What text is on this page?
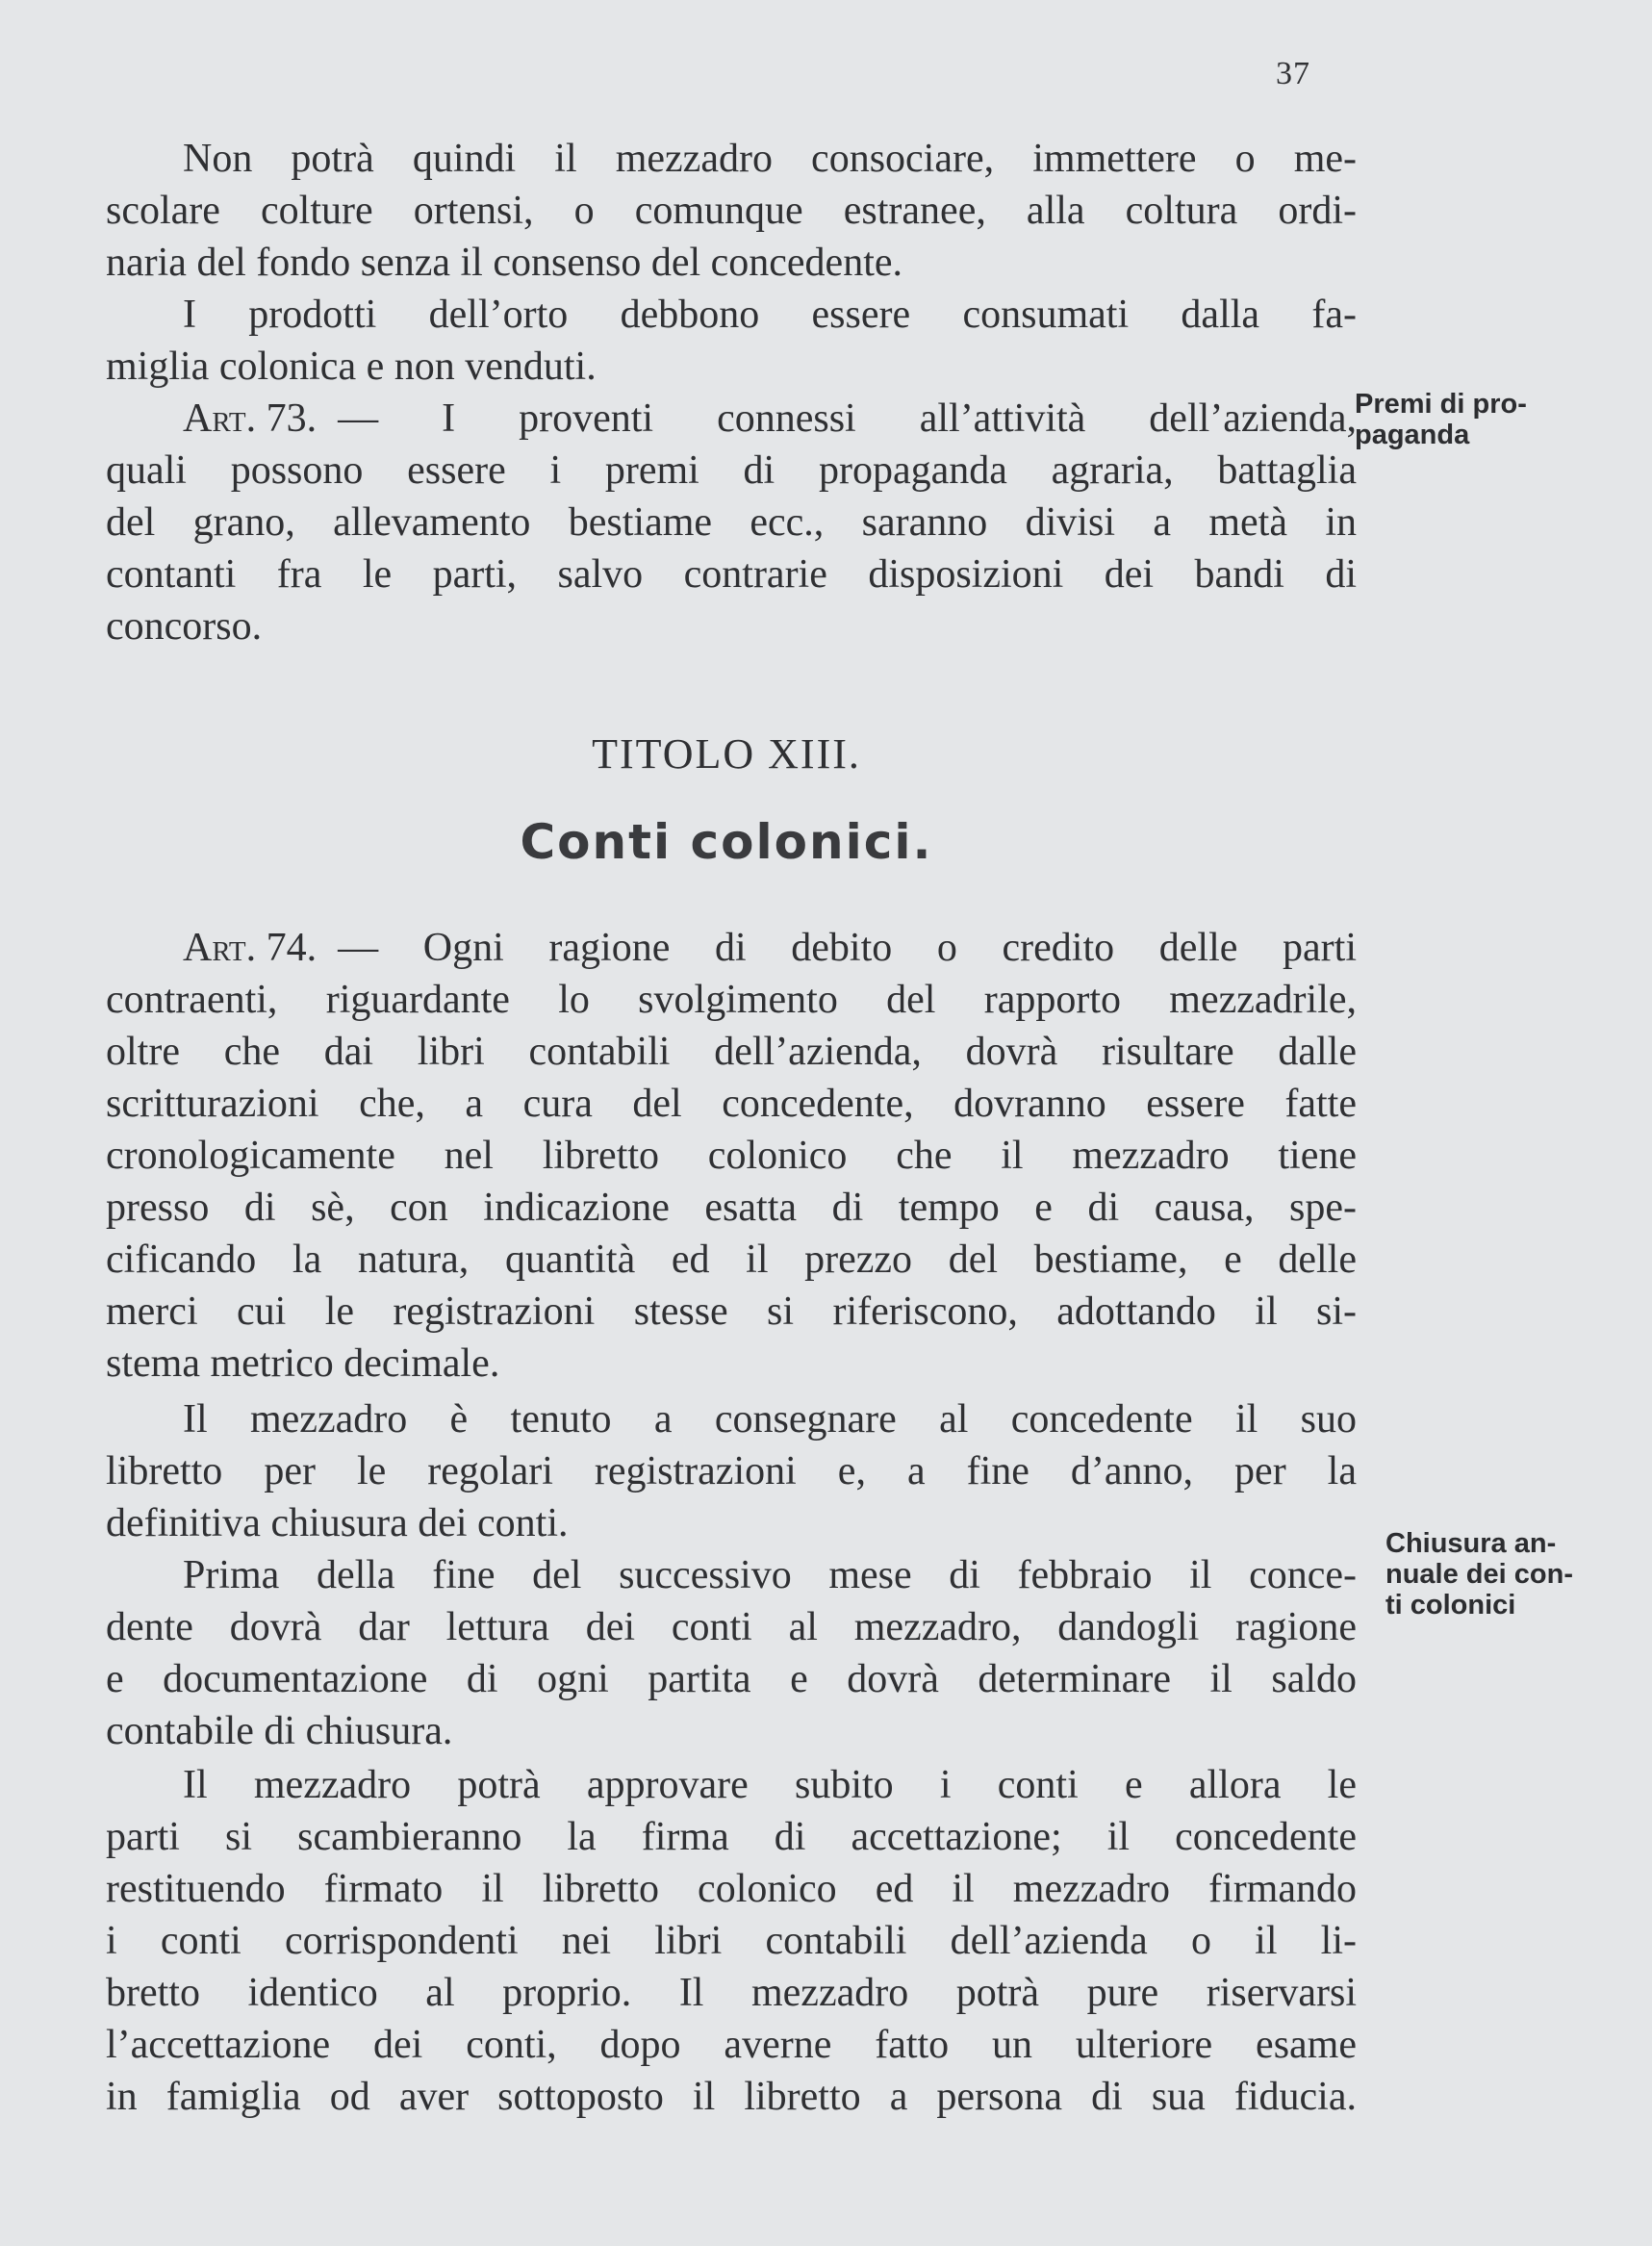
37
Non potrà quindi il mezzadro consociare, immettere o me-
scolare colture ortensi, o comunque estranee, alla coltura ordi-
naria del fondo senza il consenso del concedente.
I prodotti dell’orto debbono essere consumati dalla fa-
miglia colonica e non venduti.
Art. 73. — I proventi connessi all’attività dell’azienda,
quali possono essere i premi di propaganda agraria, battaglia
del grano, allevamento bestiame ecc., saranno divisi a metà in
contanti fra le parti, salvo contrarie disposizioni dei bandi di
concorso.
TITOLO XIII.
Conti colonici.
Art. 74. — Ogni ragione di debito o credito delle parti
contraenti, riguardante lo svolgimento del rapporto mezzadrile,
oltre che dai libri contabili dell’azienda, dovrà risultare dalle
scritturazioni che, a cura del concedente, dovranno essere fatte
cronologicamente nel libretto colonico che il mezzadro tiene
presso di sè, con indicazione esatta di tempo e di causa, spe-
cificando la natura, quantità ed il prezzo del bestiame, e delle
merci cui le registrazioni stesse si riferiscono, adottando il si-
stema metrico decimale.
Il mezzadro è tenuto a consegnare al concedente il suo
libretto per le regolari registrazioni e, a fine d’anno, per la
definitiva chiusura dei conti.
Prima della fine del successivo mese di febbraio il conce-
dente dovrà dar lettura dei conti al mezzadro, dandogli ragione
e documentazione di ogni partita e dovrà determinare il saldo
contabile di chiusura.
Il mezzadro potrà approvare subito i conti e allora le
parti si scambieranno la firma di accettazione; il concedente
restituendo firmato il libretto colonico ed il mezzadro firmando
i conti corrispondenti nei libri contabili dell’azienda o il li-
bretto identico al proprio. Il mezzadro potrà pure riservarsi
l’accettazione dei conti, dopo averne fatto un ulteriore esame
in famiglia od aver sottoposto il libretto a persona di sua fiducia.
Premi di pro-
paganda
Chiusura an-
nuale dei con-
ti colonici
